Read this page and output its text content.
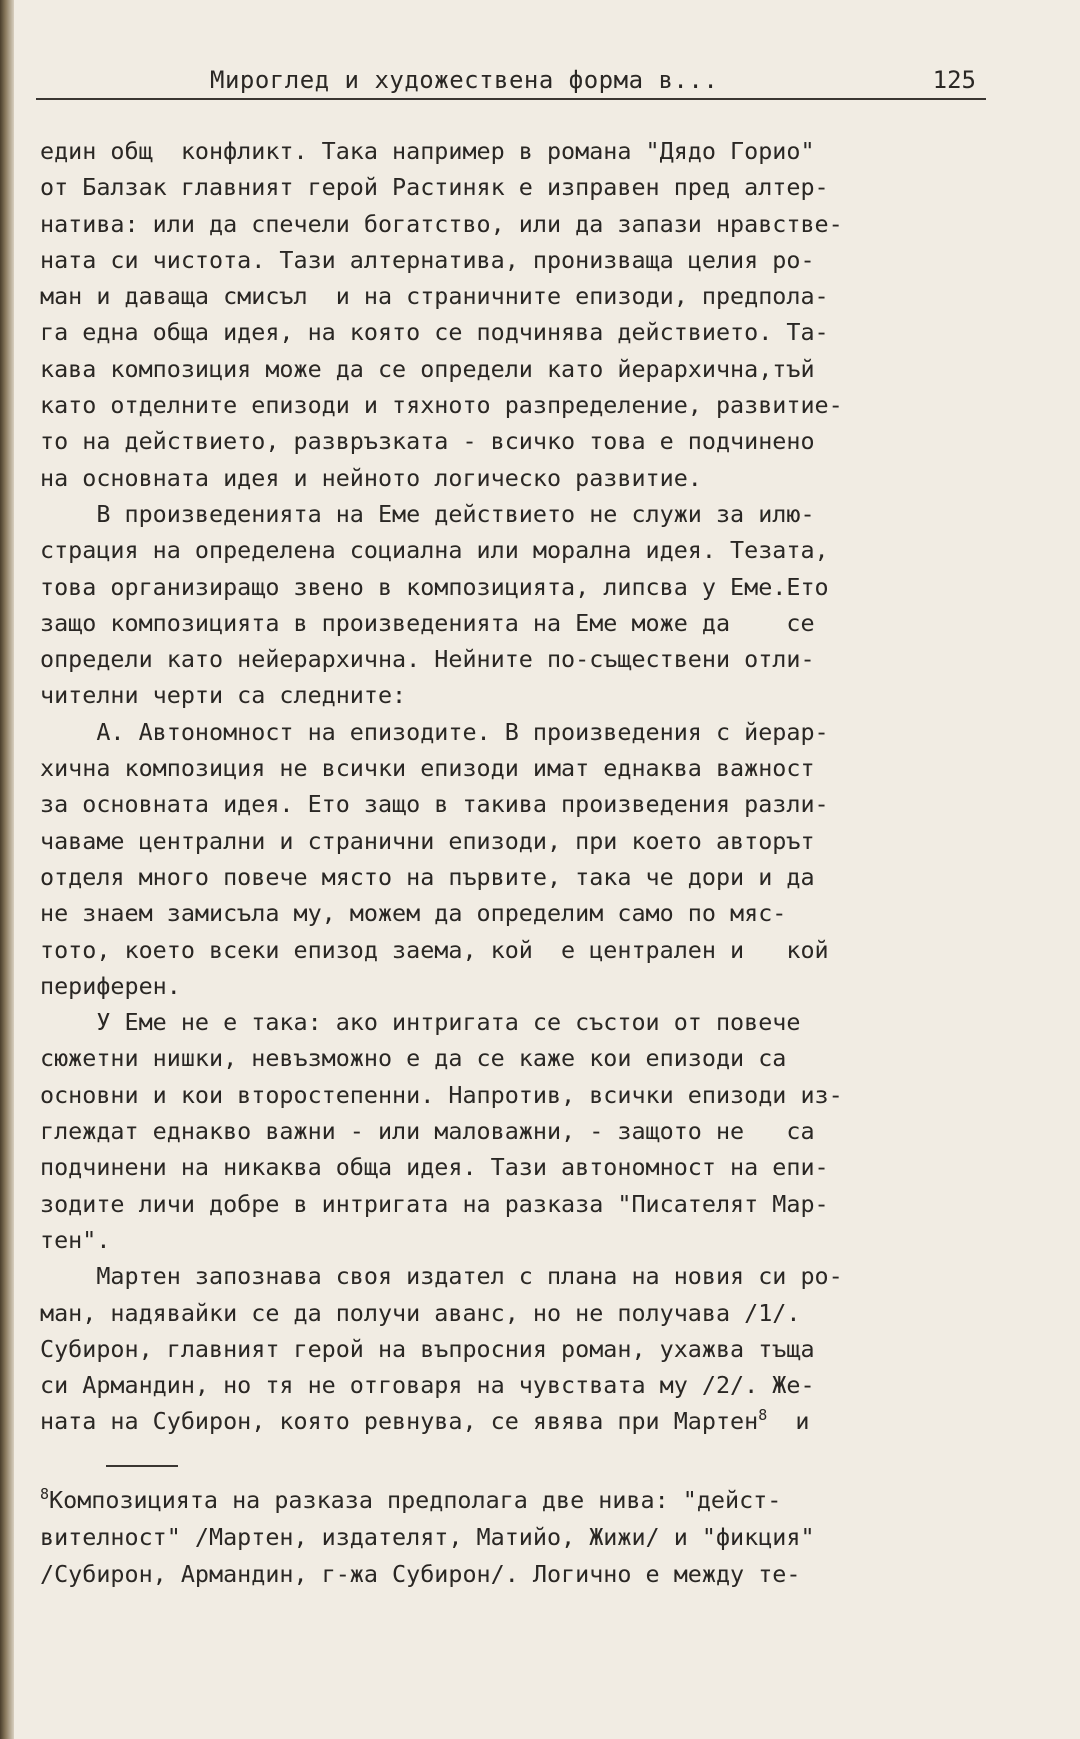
Мироглед и художествена форма в...	125
един общ  конфликт. Така например в романа "Дядо Горио"
от Балзак главният герой Растиняк е изправен пред алтер-
натива: или да спечели богатство, или да запази нравстве-
ната си чистота. Тази алтернатива, пронизваща целия ро-
ман и даваща смисъл  и на страничните епизоди, предпола-
га една обща идея, на която се подчинява действието. Та-
кава композиция може да се определи като йерархична,тъй
като отделните епизоди и тяхното разпределение, развитие-
то на действието, развръзката - всичко това е подчинено
на основната идея и нейното логическо развитие.
В произведенията на Еме действието не служи за илю-
страция на определена социална или морална идея. Тезата,
това организиращо звено в композицията, липсва у Еме.Ето
защо композицията в произведенията на Еме може да    се
определи като нейерархична. Нейните по-съществени отли-
чителни черти са следните:
А. Автономност на епизодите. В произведения с йерар-
хична композиция не всички епизоди имат еднаква важност
за основната идея. Ето защо в такива произведения разли-
чаваме централни и странични епизоди, при което авторът
отделя много повече място на първите, така че дори и да
не знаем замисъла му, можем да определим само по мяс-
тото, което всеки епизод заема, кой  е централен и   кой
периферен.
У Еме не е така: ако интригата се състои от повече
сюжетни нишки, невъзможно е да се каже кои епизоди са
основни и кои второстепенни. Напротив, всички епизоди из-
глеждат еднакво важни - или маловажни, - защото не   са
подчинени на никаква обща идея. Тази автономност на епи-
зодите личи добре в интригата на разказа "Писателят Мар-
тен".
Мартен запознава своя издател с плана на новия си ро-
ман, надявайки се да получи аванс, но не получава /1/.
Субирон, главният герой на въпросния роман, ухажва тъща
си Армандин, но тя не отговаря на чувствата му /2/. Же-
ната на Субирон, която ревнува, се явява при Мартен$^8$  и
$^8$Композицията на разказа предполага две нива: "дейст-
вителност" /Мартен, издателят, Матийо, Жижи/ и "фикция"
/Субирон, Армандин, г-жа Субирон/. Логично е между те-
